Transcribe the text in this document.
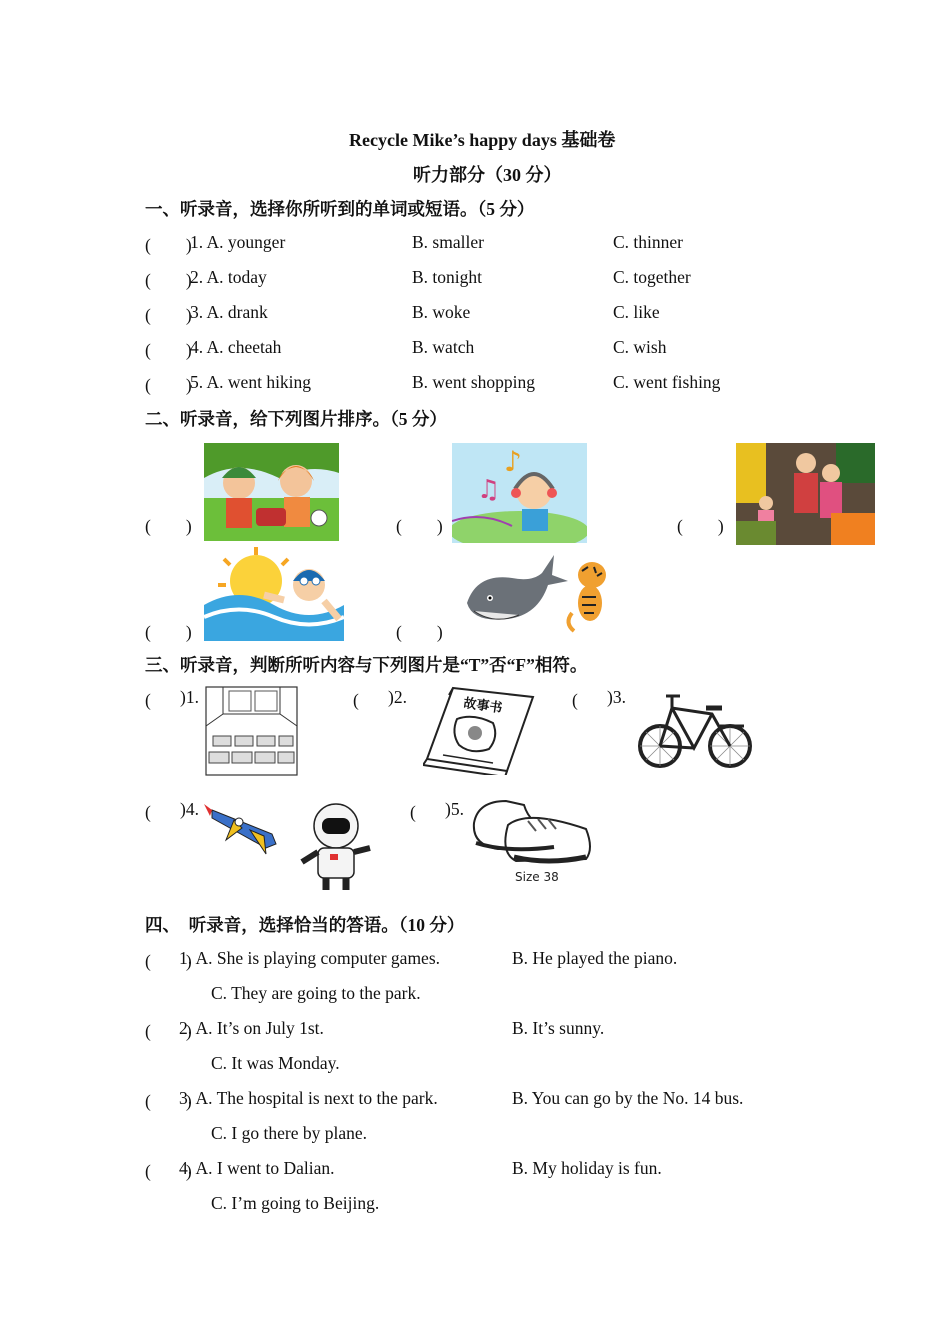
Recycle Mike’s happy days 基础卷
听力部分（30 分）
一、听录音，选择你所听到的单词或短语。（5 分）
(　　)
1. A. younger	B. smaller	C. thinner
(　　)
2. A. today	B. tonight	C. together
(　　)
3. A. drank	B. woke	C. like
(　　)
4. A. cheetah	B. watch	C. wish
(　　)
5. A. went hiking	B. went shopping	C. went fishing
二、听录音，给下列图片排序。（5 分）
(　　)	(　　)	(　　)
(　　)	(　　)
♫
♪
三、听录音，判断所听内容与下列图片是“T”否“F”相符。
(　　
)1.	(　　
)2.	(　　
)3.
故事书
(　　
)4.	(　　
)5.
Size 38
四、　听录音，选择恰当的答语。（10 分）
(　　)
1. A. She is playing computer games.	B. He played the piano.
C. They are going to the park.
(　　)
2. A. It’s on July 1st.	B. It’s sunny.
C. It was Monday.
(　　)
3. A. The hospital is next to the park.	B. You can go by the No. 14 bus.
C. I go there by plane.
(　　)
4. A. I went to Dalian.	B. My holiday is fun.
C. I’m going to Beijing.
